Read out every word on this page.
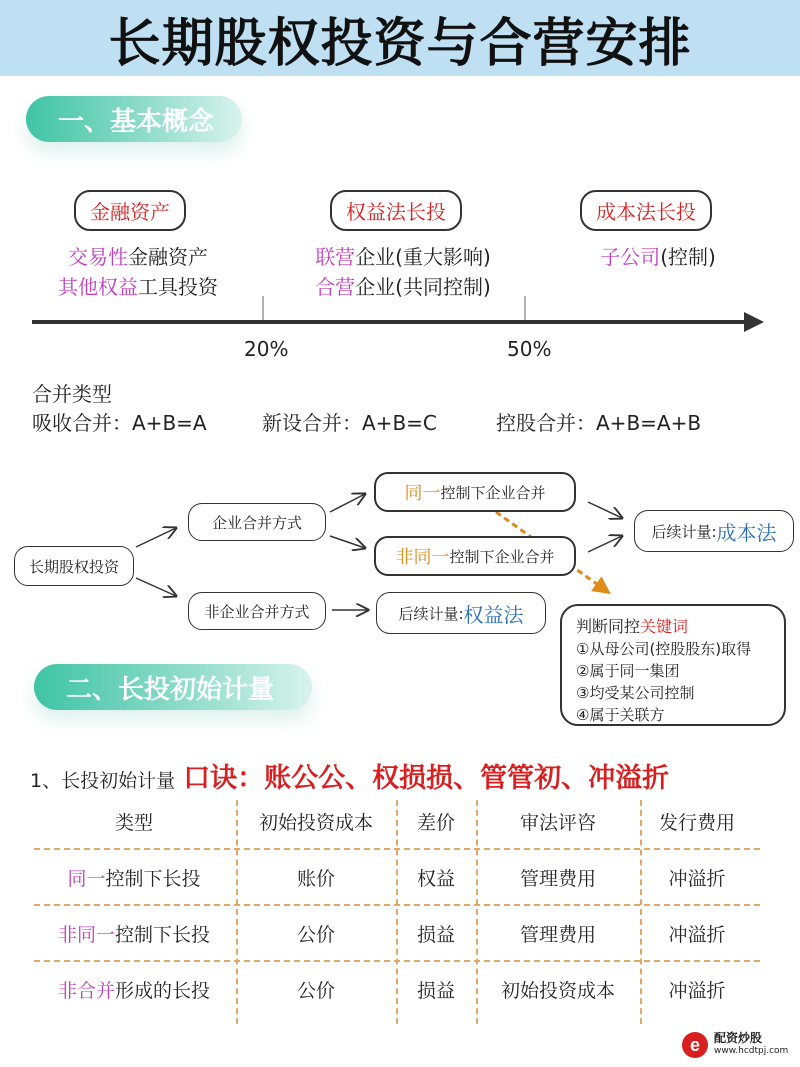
长期股权投资与合营安排
一、基本概念
金融资产	权益法长投	成本法长投
交易性金融资产
其他权益工具投资
联营企业(重大影响)
合营企业(共同控制)
子公司(控制)
20%	50%
合并类型
吸收合并：A+B=A	新设合并：A+B=C	控股合并：A+B=A+B
长期股权投资
企业合并方式
非企业合并方式
同一 控制下企业合并
非同一 控制下企业合并
后续计量: 成本法
后续计量: 权益法	判断同控关键词
①从母公司(控股股东)取得
②属于同一集团
③均受某公司控制
④属于关联方
二、长投初始计量
1、长投初始计量 口诀：账公公、权损损、管管初、冲溢折
类型	初始投资成本	差价	审法评咨	发行费用
同一控制下长投	账价	权益	管理费用	冲溢折
非同一控制下长投	公价	损益	管理费用	冲溢折
非合并形成的长投	公价	损益	初始投资成本	冲溢折
e 配资炒股
www.hcdtpj.com
